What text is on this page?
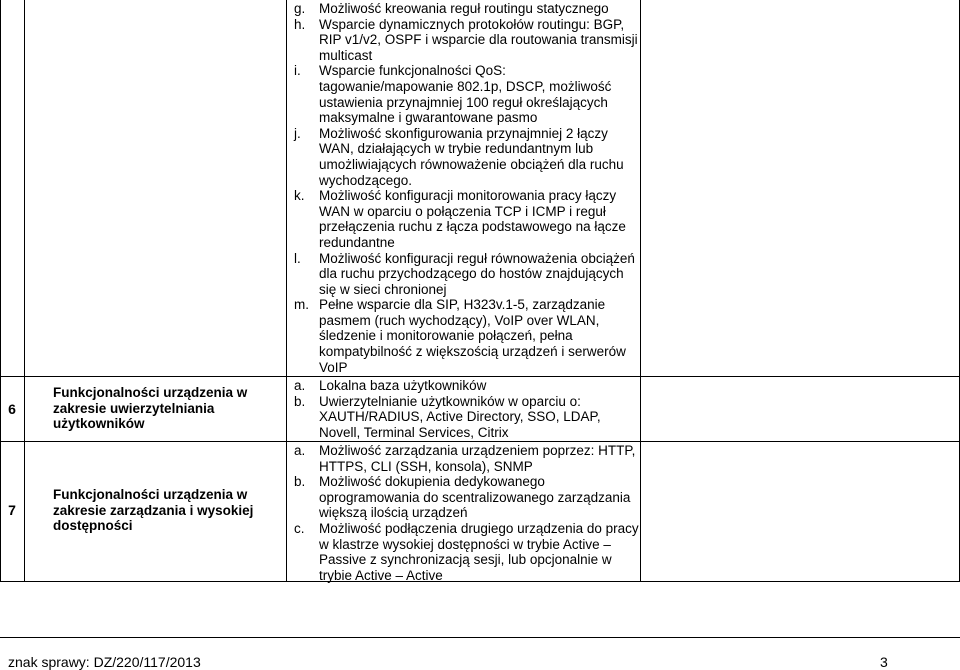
g. Możliwość kreowania reguł routingu statycznego
h. Wsparcie dynamicznych protokołów routingu: BGP, RIP v1/v2, OSPF i wsparcie dla routowania transmisji multicast
i. Wsparcie funkcjonalności QoS: tagowanie/mapowanie 802.1p, DSCP, możliwość ustawienia przynajmniej 100 reguł określających maksymalne i gwarantowane pasmo
j. Możliwość skonfigurowania przynajmniej 2 łączy WAN, działających w trybie redundantnym lub umożliwiających równoważenie obciążeń dla ruchu wychodzącego.
k. Możliwość konfiguracji monitorowania pracy łączy WAN w oparciu o połączenia TCP i ICMP i reguł przełączenia ruchu z łącza podstawowego na łącze redundantne
l. Możliwość konfiguracji reguł równoważenia obciążeń dla ruchu przychodzącego do hostów znajdujących się w sieci chronionej
m. Pełne wsparcie dla SIP, H323v.1-5, zarządzanie pasmem (ruch wychodzący), VoIP over WLAN, śledzenie i monitorowanie połączeń, pełna kompatybilność z większością urządzeń i serwerów VoIP
6
Funkcjonalności urządzenia w zakresie uwierzytelniania użytkowników
a. Lokalna baza użytkowników
b. Uwierzytelnianie użytkowników w oparciu o: XAUTH/RADIUS, Active Directory, SSO, LDAP, Novell, Terminal Services, Citrix
7
Funkcjonalności urządzenia w zakresie zarządzania i wysokiej dostępności
a. Możliwość zarządzania urządzeniem poprzez: HTTP, HTTPS, CLI (SSH, konsola), SNMP
b. Możliwość dokupienia dedykowanego oprogramowania do scentralizowanego zarządzania większą ilością urządzeń
c. Możliwość podłączenia drugiego urządzenia do pracy w klastrze wysokiej dostępności w trybie Active – Passive z synchronizacją sesji, lub opcjonalnie w trybie Active – Active
znak sprawy: DZ/220/117/2013	3
